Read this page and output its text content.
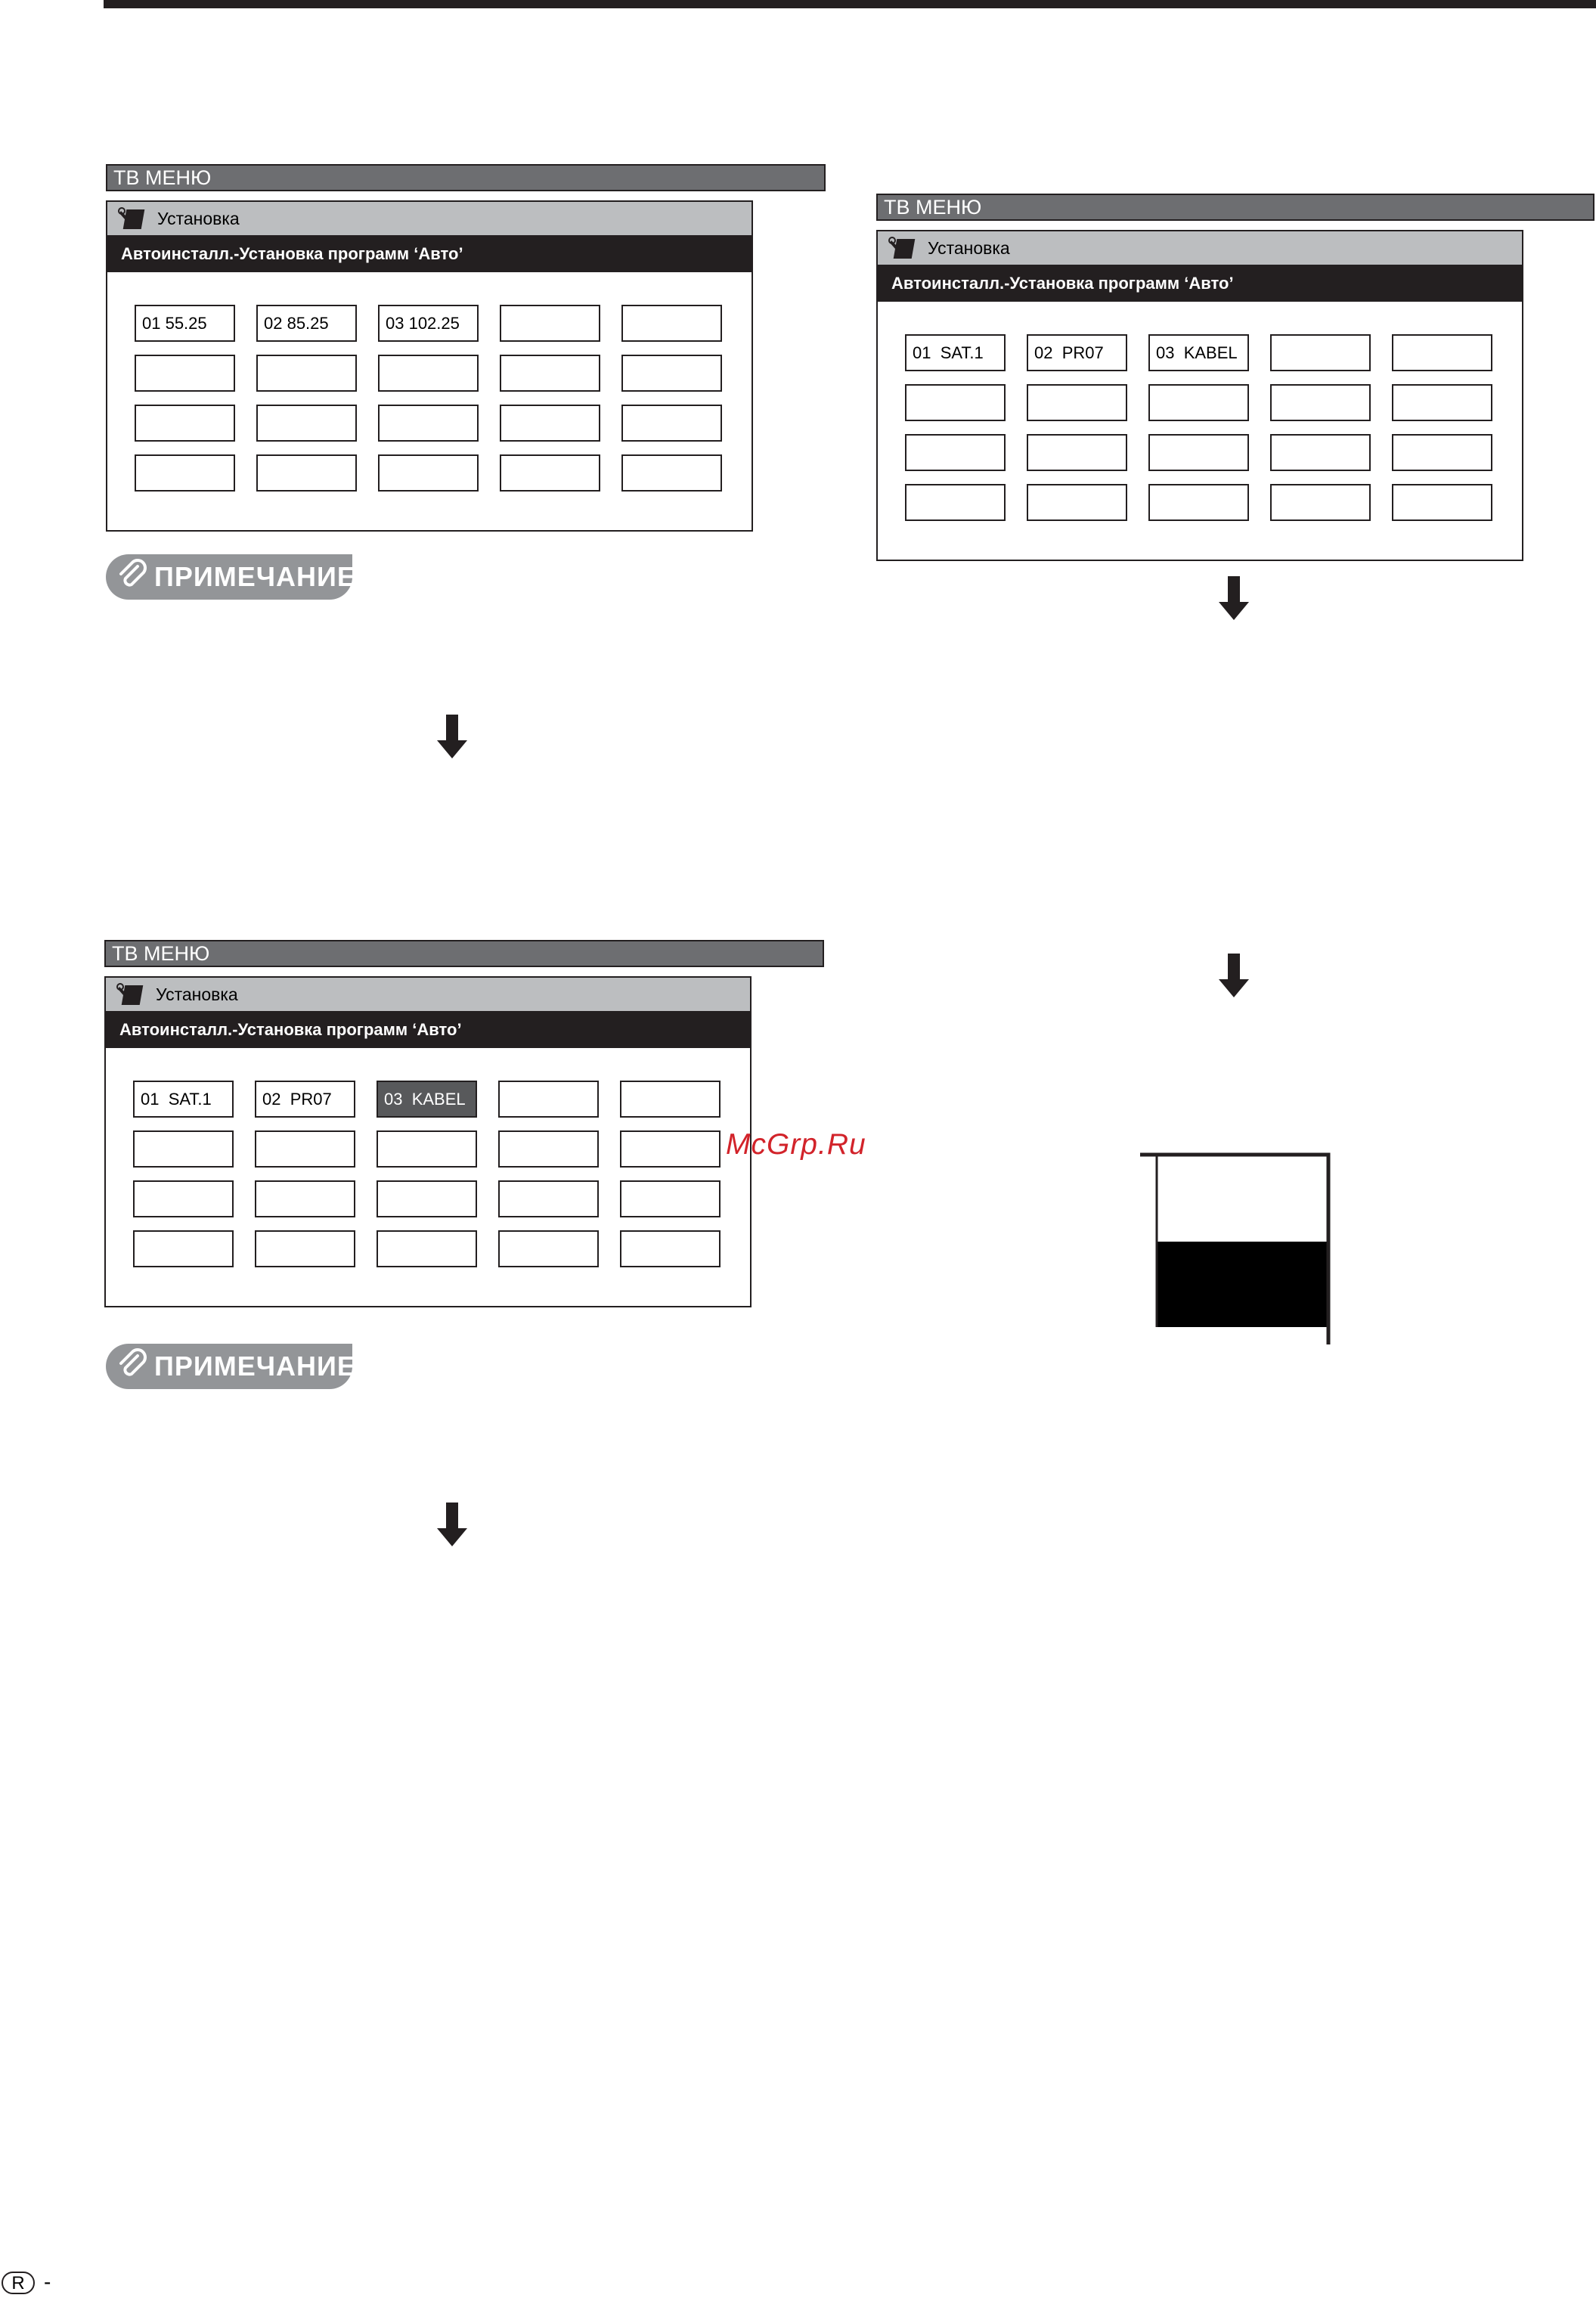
ТВ МЕНЮ
Установка
Автоинсталл.-Установка программ ‘Авто’
01 55.25	02 85.25	03 102.25
ПРИМЕЧАНИЕ
ТВ МЕНЮ
Установка
Автоинсталл.-Установка программ ‘Авто’
01  SAT.1	02  PR07	03  KABEL
ПРИМЕЧАНИЕ
ТВ МЕНЮ
Установка
Автоинсталл.-Установка программ ‘Авто’
01  SAT.1	02  PR07	03  KABEL
McGrp.Ru
R -
